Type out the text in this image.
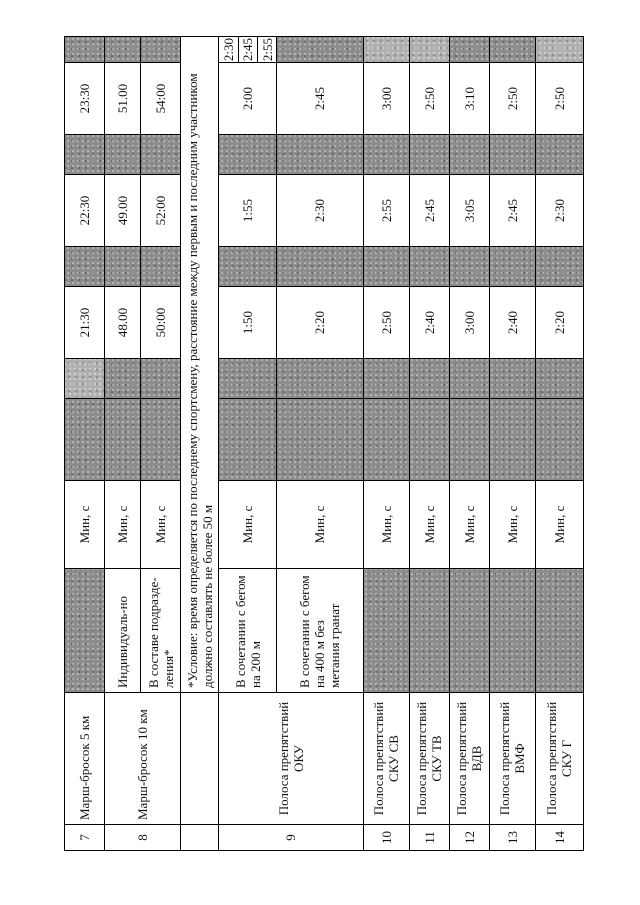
7	Марш-бросок 5 км		Мин, с			21:30		22:30		23:30	
8	Марш-бросок 10 км	Индивидуаль-но	Мин, с			48.00		49.00		51.00	
		В составе подразде-ления*	Мин, с			50:00		52:00		54:00	
		*Условие: время определяется по последнему спортсмену, расстояние между первым и последним участником должно составлять не более 50 м									
9	Полоса препятствий ОКУ	В сочетании с бегом на 200 м	Мин, с			1:50		1:55		2:00	2:30 2:45 2:55

		В сочетании с бегом на 400 м без метания гранат	Мин, с			2:20		2:30		2:45	
10	Полоса препятствий СКУ СВ		Мин, с			2:50		2:55		3:00	
11	Полоса препятствий СКУ ТВ		Мин, с			2:40		2:45		2:50	
12	Полоса препятствий ВДВ		Мин, с			3:00		3:05		3:10	
13	Полоса препятствий ВМФ		Мин, с			2:40		2:45		2:50	
14	Полоса препятствий СКУ Г		Мин, с			2:20		2:30		2:50	
